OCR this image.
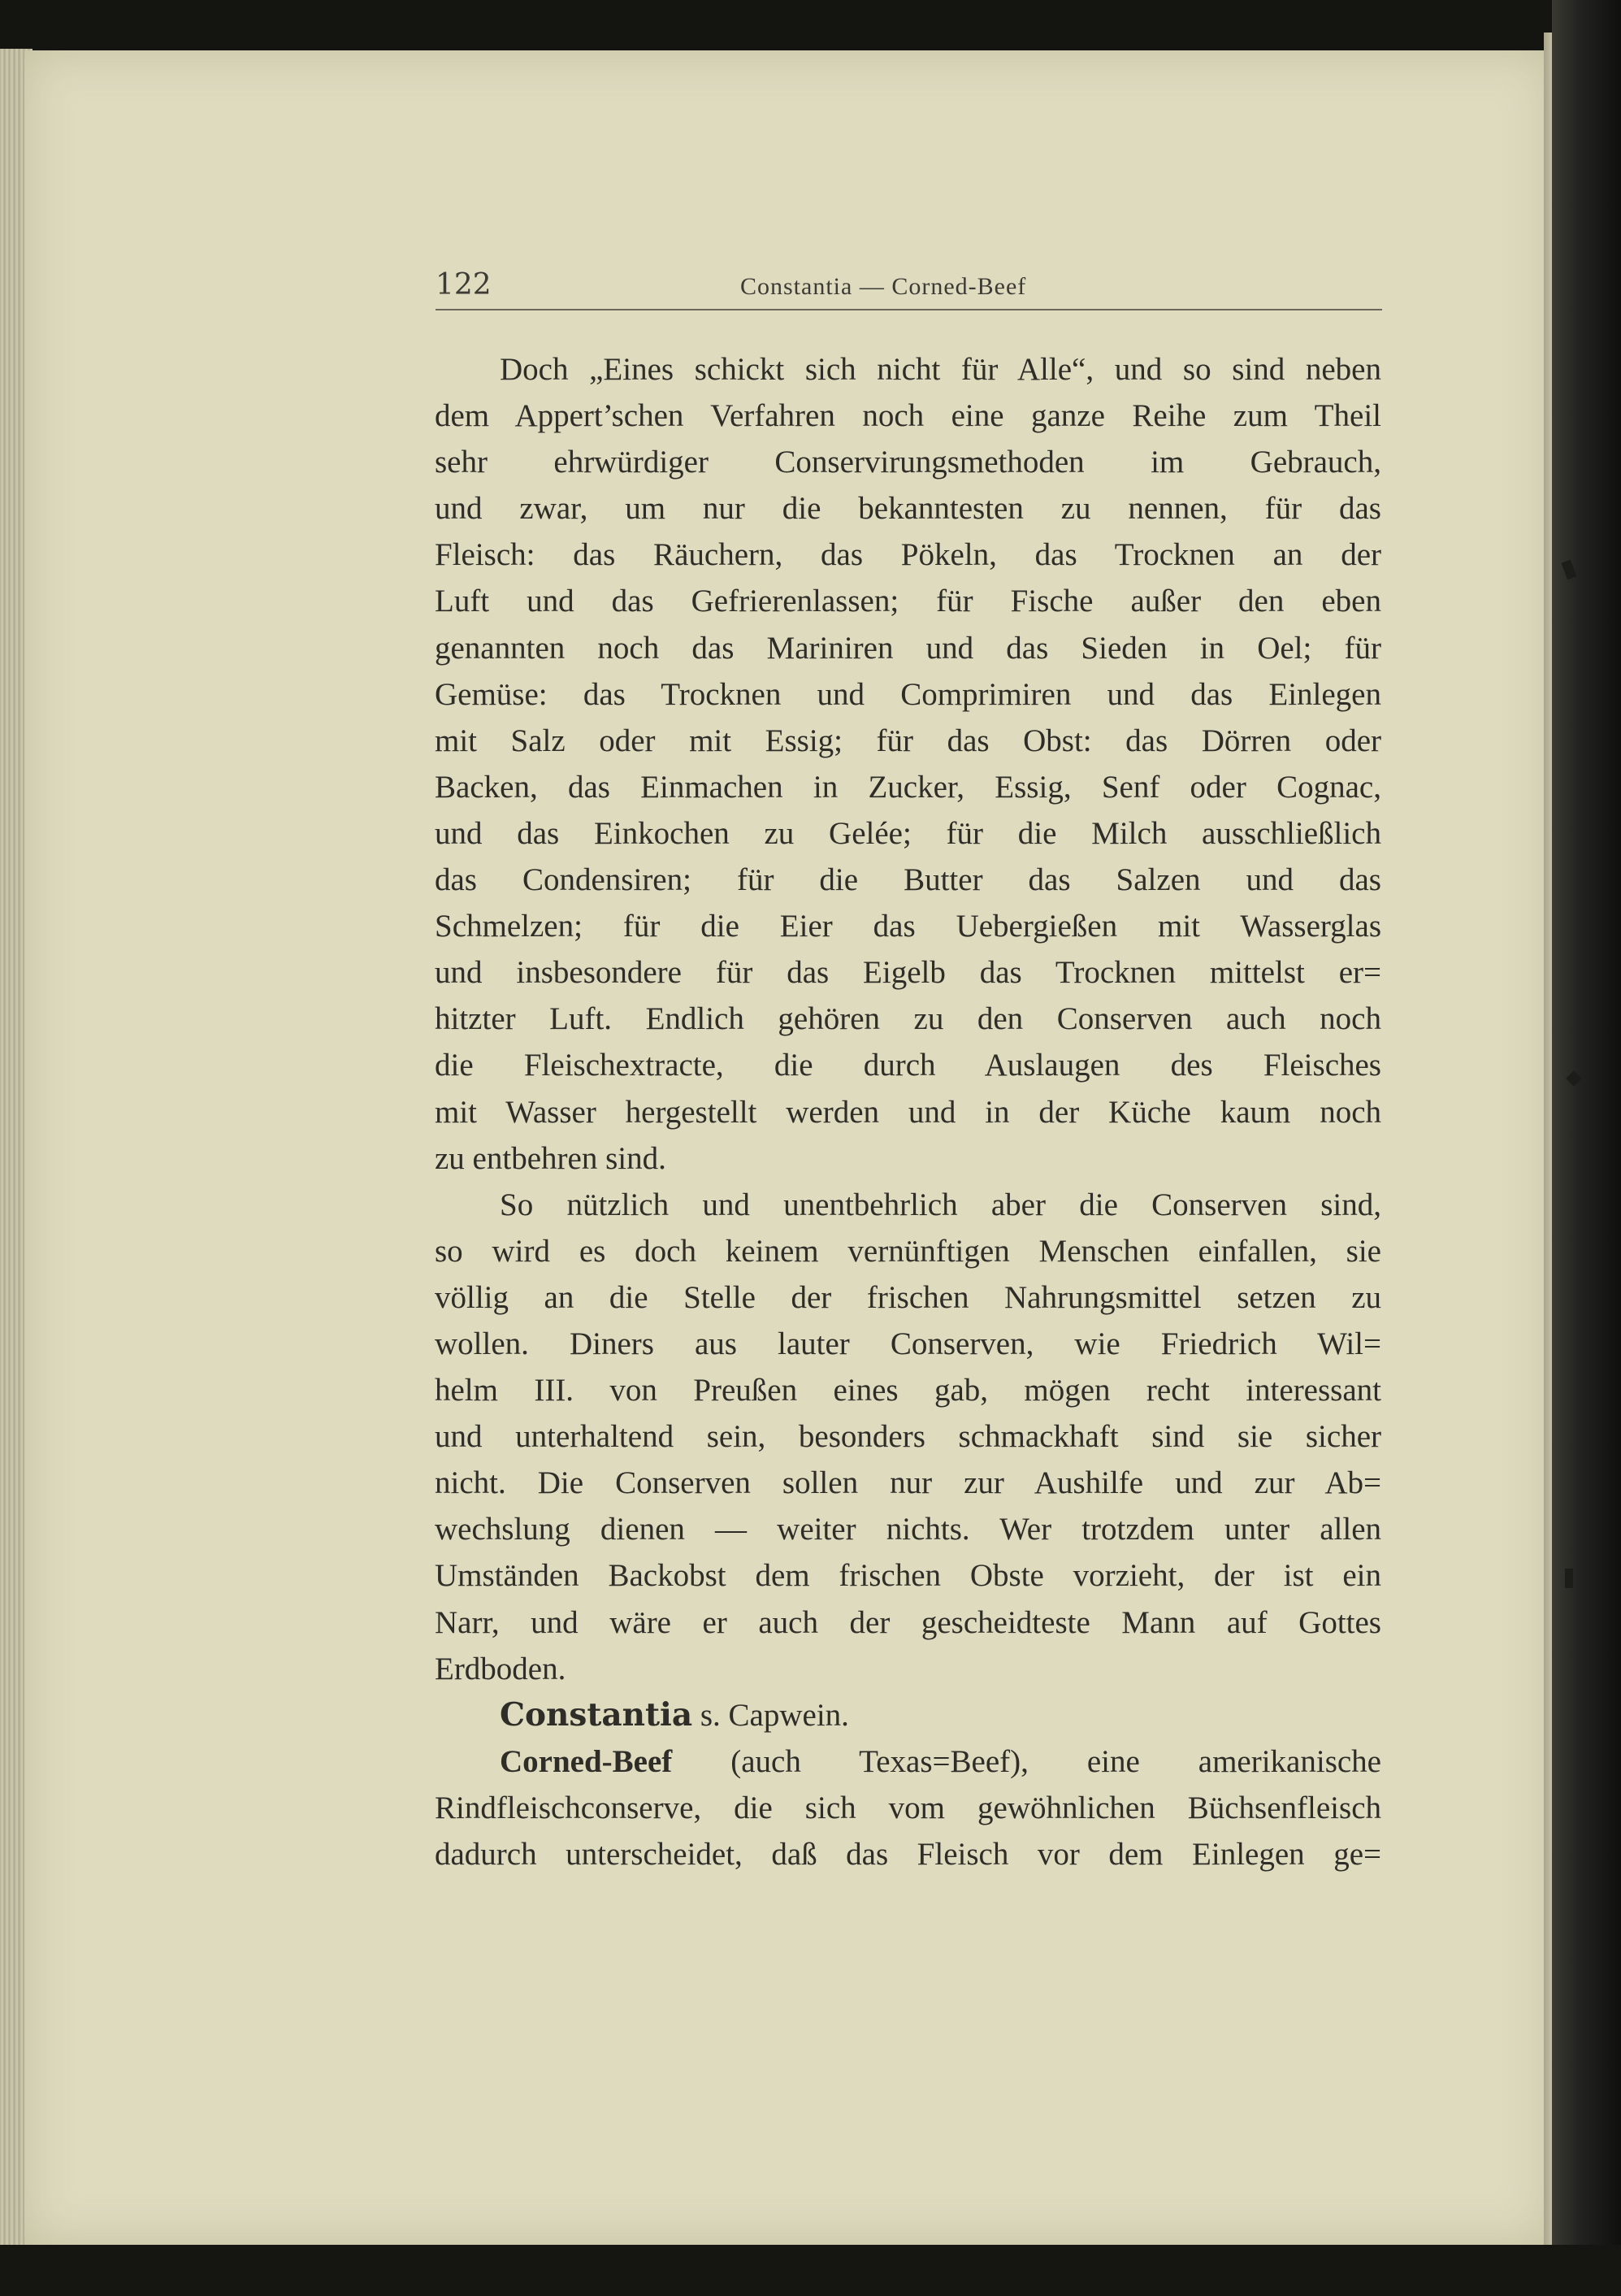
122	Constantia — Corned-Beef
Doch „Eines schickt sich nicht für Alle“, und so sind neben
dem Appert’schen Verfahren noch eine ganze Reihe zum Theil
sehr ehrwürdiger Conservirungsmethoden im Gebrauch,
und zwar, um nur die bekanntesten zu nennen, für das
Fleisch: das Räuchern, das Pökeln, das Trocknen an der
Luft und das Gefrierenlassen; für Fische außer den eben
genannten noch das Mariniren und das Sieden in Oel; für
Gemüse: das Trocknen und Comprimiren und das Einlegen
mit Salz oder mit Essig; für das Obst: das Dörren oder
Backen, das Einmachen in Zucker, Essig, Senf oder Cognac,
und das Einkochen zu Gelée; für die Milch ausschließlich
das Condensiren; für die Butter das Salzen und das
Schmelzen; für die Eier das Uebergießen mit Wasserglas
und insbesondere für das Eigelb das Trocknen mittelst er=
hitzter Luft. Endlich gehören zu den Conserven auch noch
die Fleischextracte, die durch Auslaugen des Fleisches
mit Wasser hergestellt werden und in der Küche kaum noch
zu entbehren sind.
So nützlich und unentbehrlich aber die Conserven sind,
so wird es doch keinem vernünftigen Menschen einfallen, sie
völlig an die Stelle der frischen Nahrungsmittel setzen zu
wollen. Diners aus lauter Conserven, wie Friedrich Wil=
helm III. von Preußen eines gab, mögen recht interessant
und unterhaltend sein, besonders schmackhaft sind sie sicher
nicht. Die Conserven sollen nur zur Aushilfe und zur Ab=
wechslung dienen — weiter nichts. Wer trotzdem unter allen
Umständen Backobst dem frischen Obste vorzieht, der ist ein
Narr, und wäre er auch der gescheidteste Mann auf Gottes
Erdboden.
Constantia s. Capwein.
Corned-Beef (auch Texas=Beef), eine amerikanische
Rindfleischconserve, die sich vom gewöhnlichen Büchsenfleisch
dadurch unterscheidet, daß das Fleisch vor dem Einlegen ge=
